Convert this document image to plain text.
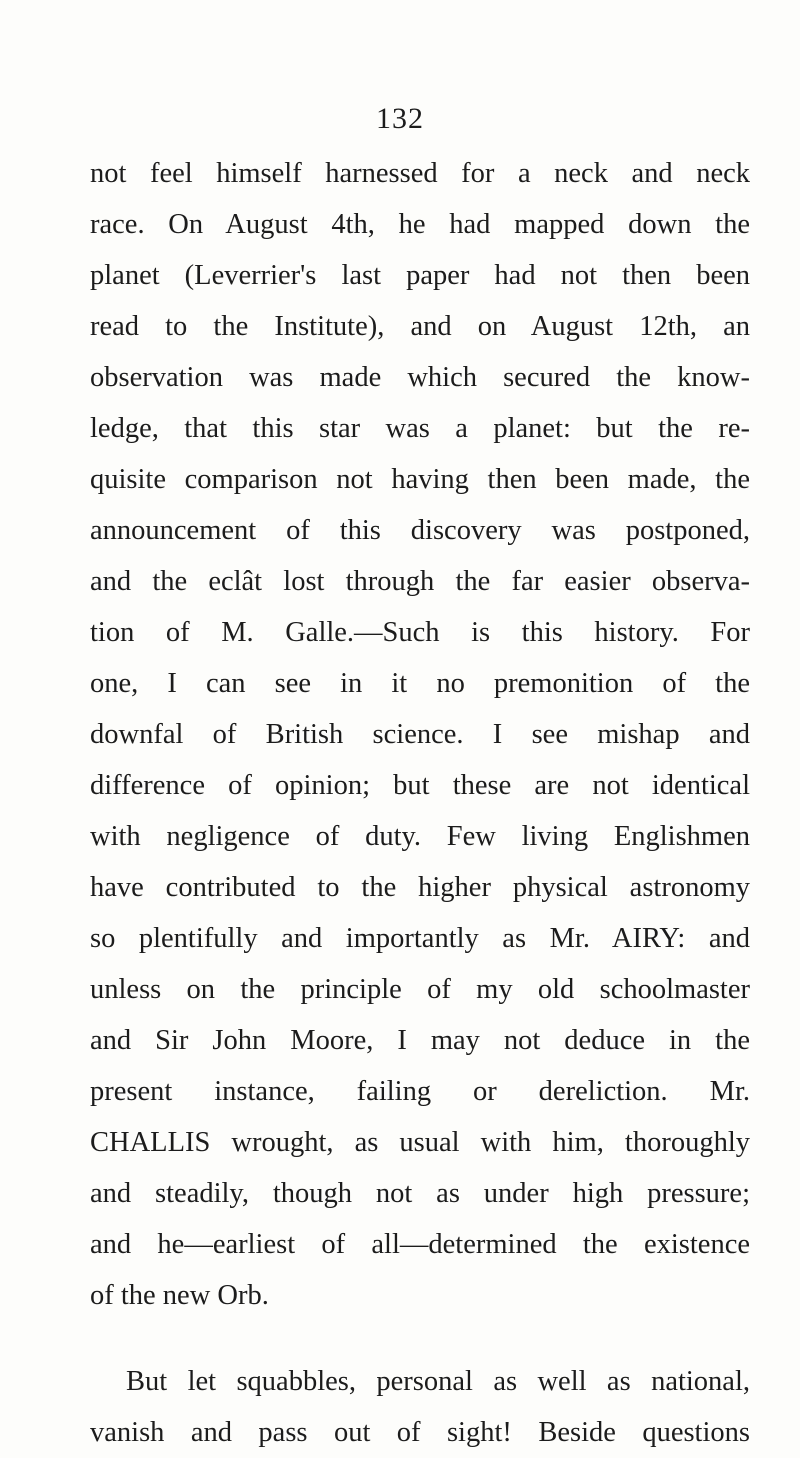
132
not feel himself harnessed for a neck and neck
race. On August 4th, he had mapped down the
planet (Leverrier's last paper had not then been
read to the Institute), and on August 12th, an
observation was made which secured the know-
ledge, that this star was a planet: but the re-
quisite comparison not having then been made, the
announcement of this discovery was postponed,
and the eclât lost through the far easier observa-
tion of M. Galle.—Such is this history. For
one, I can see in it no premonition of the
downfal of British science. I see mishap and
difference of opinion; but these are not identical
with negligence of duty. Few living Englishmen
have contributed to the higher physical astronomy
so plentifully and importantly as Mr. AIRY: and
unless on the principle of my old schoolmaster
and Sir John Moore, I may not deduce in the
present instance, failing or dereliction. Mr.
CHALLIS wrought, as usual with him, thoroughly
and steadily, though not as under high pressure;
and he—earliest of all—determined the existence
of the new Orb.
But let squabbles, personal as well as national,
vanish and pass out of sight! Beside questions
